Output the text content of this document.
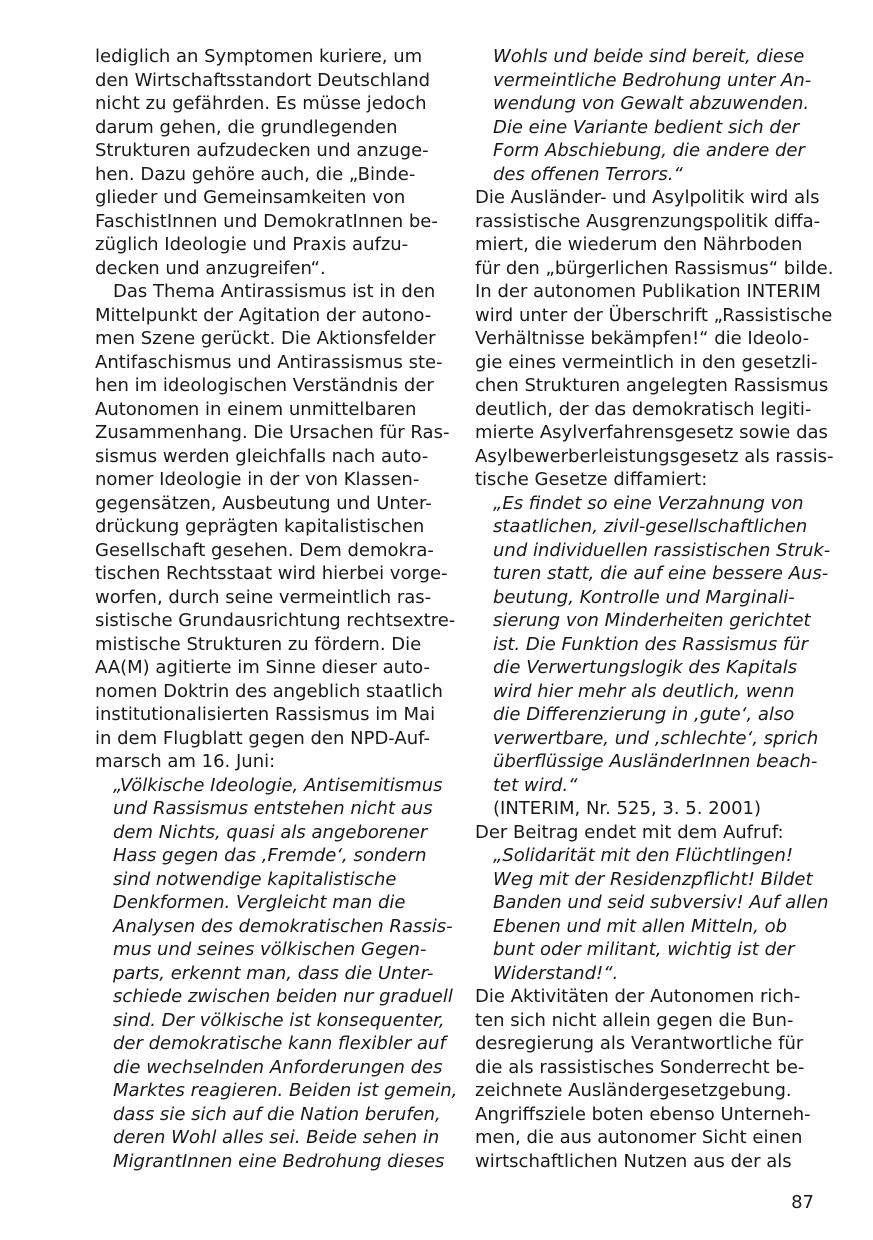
lediglich an Symptomen kuriere, um
den Wirtschaftsstandort Deutschland
nicht zu gefährden. Es müsse jedoch
darum gehen, die grundlegenden
Strukturen aufzudecken und anzuge-
hen. Dazu gehöre auch, die „Binde-
glieder und Gemeinsamkeiten von
FaschistInnen und DemokratInnen be-
züglich Ideologie und Praxis aufzu-
decken und anzugreifen“.
Das Thema Antirassismus ist in den
Mittelpunkt der Agitation der autono-
men Szene gerückt. Die Aktionsfelder
Antifaschismus und Antirassismus ste-
hen im ideologischen Verständnis der
Autonomen in einem unmittelbaren
Zusammenhang. Die Ursachen für Ras-
sismus werden gleichfalls nach auto-
nomer Ideologie in der von Klassen-
gegensätzen, Ausbeutung und Unter-
drückung geprägten kapitalistischen
Gesellschaft gesehen. Dem demokra-
tischen Rechtsstaat wird hierbei vorge-
worfen, durch seine vermeintlich ras-
sistische Grundausrichtung rechtsextre-
mistische Strukturen zu fördern. Die
AA(M) agitierte im Sinne dieser auto-
nomen Doktrin des angeblich staatlich
institutionalisierten Rassismus im Mai
in dem Flugblatt gegen den NPD-Auf-
marsch am 16. Juni:
„Völkische Ideologie, Antisemitismus
und Rassismus entstehen nicht aus
dem Nichts, quasi als angeborener
Hass gegen das ‚Fremde‘, sondern
sind notwendige kapitalistische
Denkformen. Vergleicht man die
Analysen des demokratischen Rassis-
mus und seines völkischen Gegen-
parts, erkennt man, dass die Unter-
schiede zwischen beiden nur graduell
sind. Der völkische ist konsequenter,
der demokratische kann flexibler auf
die wechselnden Anforderungen des
Marktes reagieren. Beiden ist gemein,
dass sie sich auf die Nation berufen,
deren Wohl alles sei. Beide sehen in
MigrantInnen eine Bedrohung dieses
Wohls und beide sind bereit, diese
vermeintliche Bedrohung unter An-
wendung von Gewalt abzuwenden.
Die eine Variante bedient sich der
Form Abschiebung, die andere der
des offenen Terrors.“
Die Ausländer- und Asylpolitik wird als
rassistische Ausgrenzungspolitik diffa-
miert, die wiederum den Nährboden
für den „bürgerlichen Rassismus“ bilde.
In der autonomen Publikation INTERIM
wird unter der Überschrift „Rassistische
Verhältnisse bekämpfen!“ die Ideolo-
gie eines vermeintlich in den gesetzli-
chen Strukturen angelegten Rassismus
deutlich, der das demokratisch legiti-
mierte Asylverfahrensgesetz sowie das
Asylbewerberleistungsgesetz als rassis-
tische Gesetze diffamiert:
„Es findet so eine Verzahnung von
staatlichen, zivil-gesellschaftlichen
und individuellen rassistischen Struk-
turen statt, die auf eine bessere Aus-
beutung, Kontrolle und Marginali-
sierung von Minderheiten gerichtet
ist. Die Funktion des Rassismus für
die Verwertungslogik des Kapitals
wird hier mehr als deutlich, wenn
die Differenzierung in ‚gute‘, also
verwertbare, und ‚schlechte‘, sprich
überflüssige AusländerInnen beach-
tet wird.“
(INTERIM, Nr. 525, 3. 5. 2001)
Der Beitrag endet mit dem Aufruf:
„Solidarität mit den Flüchtlingen!
Weg mit der Residenzpflicht! Bildet
Banden und seid subversiv! Auf allen
Ebenen und mit allen Mitteln, ob
bunt oder militant, wichtig ist der
Widerstand!“.
Die Aktivitäten der Autonomen rich-
ten sich nicht allein gegen die Bun-
desregierung als Verantwortliche für
die als rassistisches Sonderrecht be-
zeichnete Ausländergesetzgebung.
Angriffsziele boten ebenso Unterneh-
men, die aus autonomer Sicht einen
wirtschaftlichen Nutzen aus der als
87
